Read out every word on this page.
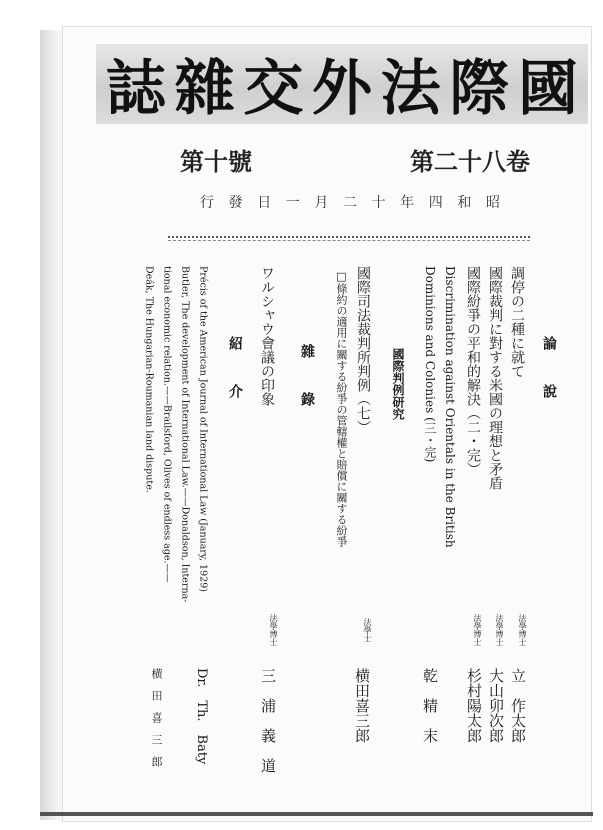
國
際
法
外
交
雜
誌
第二十八卷
第十號
昭
和
四
年
十
二
月
一
日
發
行
論　　說
調停の二種に就て
國際裁判に對する米國の理想と矛盾
國際紛爭の平和的解決（二・完）
Discrimination against Orientals in the British
Dominions and Colonies (三・完)
國際判例研究
國際司法裁判所判例（七）
□條約の適用に關する紛爭の管轄權と賠償に關する紛爭
雜　　錄
ワルシャウ會議の印象
紹　　介
Précis of the American Journal of International Law (January, 1929)
Butler, The development of International Law.——Donaldson, Interna-
tional economic relation.——Brailsford, Olives of endless age.——
Deák, The Hungarian-Roumanian land dispute.
法學博士
立　作太郎
法學博士
大山卯次郎
法學博士
杉村陽太郎
乾　精　末
法學士
横田喜三郎
法學博士
三　浦　義　道
Dr.　Th.　Baty
横　田　喜　三　郎
